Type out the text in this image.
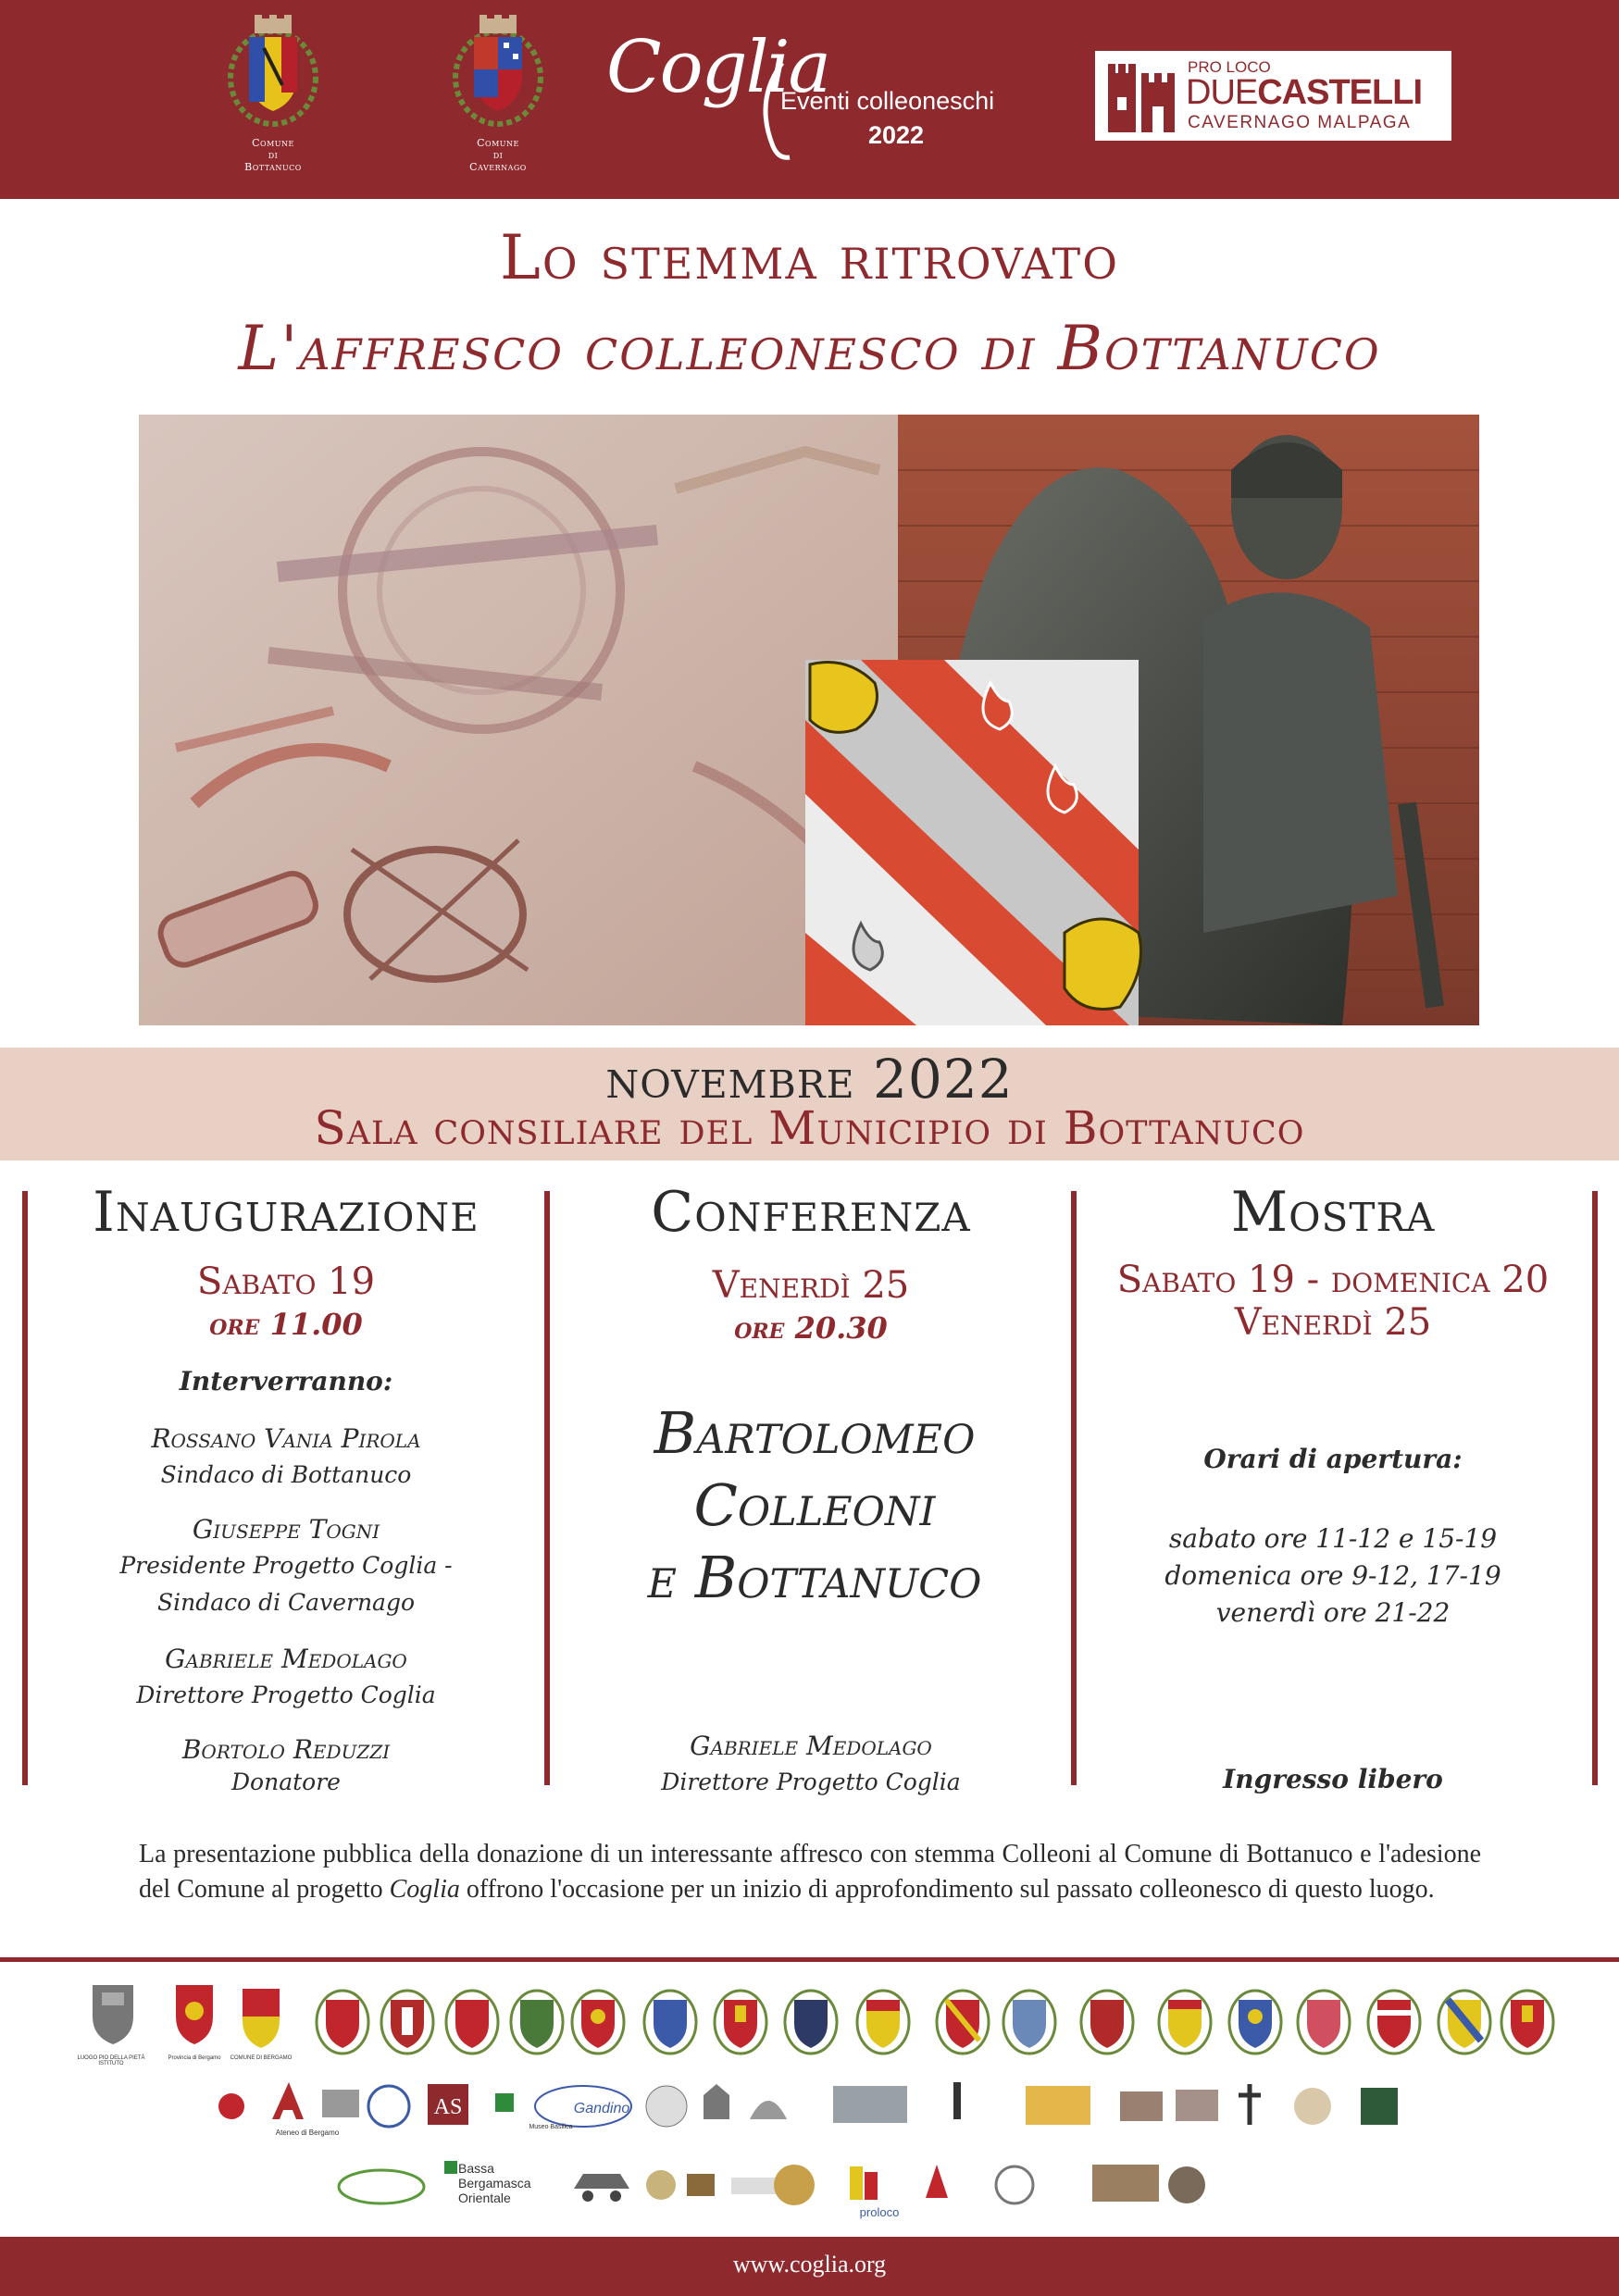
Comune
di
Bottanuco
Comune
di
Cavernago
Coglia
Eventi colleoneschi
2022
PRO LOCO
DUECASTELLI
CAVERNAGO MALPAGA
Lo stemma ritrovato
L'affresco colleonesco di Bottanuco
novembre 2022
Sala consiliare del Municipio di Bottanuco
Inaugurazione
Sabato 19
ore 11.00
Interverranno:
Rossano Vania Pirola
Sindaco di Bottanuco
Giuseppe Togni
Presidente Progetto Coglia -
Sindaco di Cavernago
Gabriele Medolago
Direttore Progetto Coglia
Bortolo Reduzzi
Donatore
Conferenza
Venerdì 25
ore 20.30
Bartolomeo
Colleoni
e Bottanuco
Gabriele Medolago
Direttore Progetto Coglia
Mostra
Sabato 19 - domenica 20
Venerdì 25
Orari di apertura:
sabato ore 11-12 e 15-19
domenica ore 9-12, 17-19
venerdì ore 21-22
Ingresso libero
La presentazione pubblica della donazione di un interessante affresco con stemma Colleoni al Comune di Bottanuco e l'adesione del Comune al progetto Coglia offrono l'occasione per un inizio di approfondimento sul passato colleonesco di questo luogo.
LUOGO PIO DELLA PIETÀ ISTITUTO
Provincia di Bergamo	COMUNE DI BERGAMO
AS
Ateneo di Bergamo
Gandino
Museo Basilica
Bassa
Bergamasca
Orientale
proloco
www.coglia.org
